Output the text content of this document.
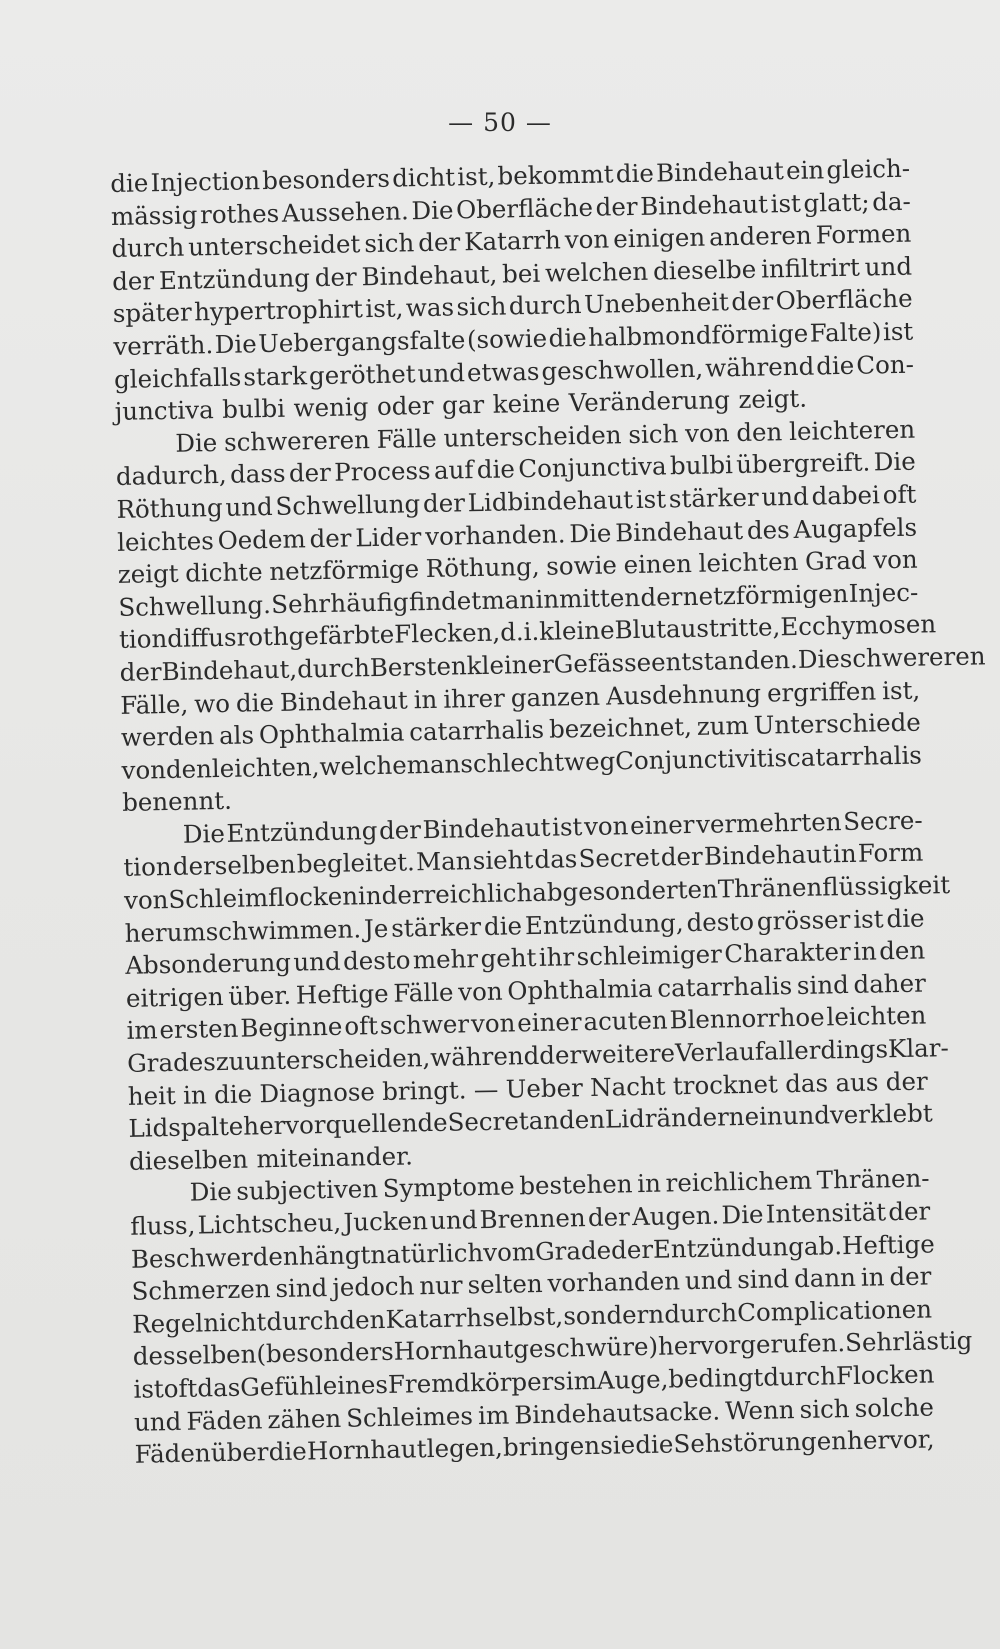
— 50 —
die Injection besonders dicht ist, bekommt die Bindehaut ein gleich-
mässig rothes Aussehen. Die Oberfläche der Bindehaut ist glatt; da-
durch unterscheidet sich der Katarrh von einigen anderen Formen
der Entzündung der Bindehaut, bei welchen dieselbe infiltrirt und
später hypertrophirt ist, was sich durch Unebenheit der Oberfläche
verräth. Die Uebergangsfalte (sowie die halbmondförmige Falte) ist
gleichfalls stark geröthet und etwas geschwollen, während die Con-
junctiva bulbi wenig oder gar keine Veränderung zeigt.
Die schwereren Fälle unterscheiden sich von den leichteren
dadurch, dass der Process auf die Conjunctiva bulbi übergreift. Die
Röthung und Schwellung der Lidbindehaut ist stärker und dabei oft
leichtes Oedem der Lider vorhanden. Die Bindehaut des Augapfels
zeigt dichte netzförmige Röthung, sowie einen leichten Grad von
Schwellung. Sehr häufig findet man inmitten der netzförmigen Injec-
tion diffus roth gefärbte Flecken, d. i. kleine Blutaustritte, Ecchymosen
der Bindehaut, durch Bersten kleiner Gefässe entstanden. Die schwereren
Fälle, wo die Bindehaut in ihrer ganzen Ausdehnung ergriffen ist,
werden als Ophthalmia catarrhalis bezeichnet, zum Unterschiede
von den leichten, welche man schlechtweg Conjunctivitis catarrhalis
benennt.
Die Entzündung der Bindehaut ist von einer vermehrten Secre-
tion derselben begleitet. Man sieht das Secret der Bindehaut in Form
von Schleimflocken in der reichlich abgesonderten Thränenflüssigkeit
herumschwimmen. Je stärker die Entzündung, desto grösser ist die
Absonderung und desto mehr geht ihr schleimiger Charakter in den
eitrigen über. Heftige Fälle von Ophthalmia catarrhalis sind daher
im ersten Beginne oft schwer von einer acuten Blennorrhoe leichten
Grades zu unterscheiden, während der weitere Verlauf allerdings Klar-
heit in die Diagnose bringt. — Ueber Nacht trocknet das aus der
Lidspalte hervorquellende Secret an den Lidrändern ein und verklebt
dieselben miteinander.
Die subjectiven Symptome bestehen in reichlichem Thränen-
fluss, Lichtscheu, Jucken und Brennen der Augen. Die Intensität der
Beschwerden hängt natürlich vom Grade der Entzündung ab. Heftige
Schmerzen sind jedoch nur selten vorhanden und sind dann in der
Regel nicht durch den Katarrh selbst, sondern durch Complicationen
desselben (besonders Hornhautgeschwüre) hervorgerufen. Sehr lästig
ist oft das Gefühl eines Fremdkörpers im Auge, bedingt durch Flocken
und Fäden zähen Schleimes im Bindehautsacke. Wenn sich solche
Fäden über die Hornhaut legen, bringen sie die Sehstörungen hervor,
